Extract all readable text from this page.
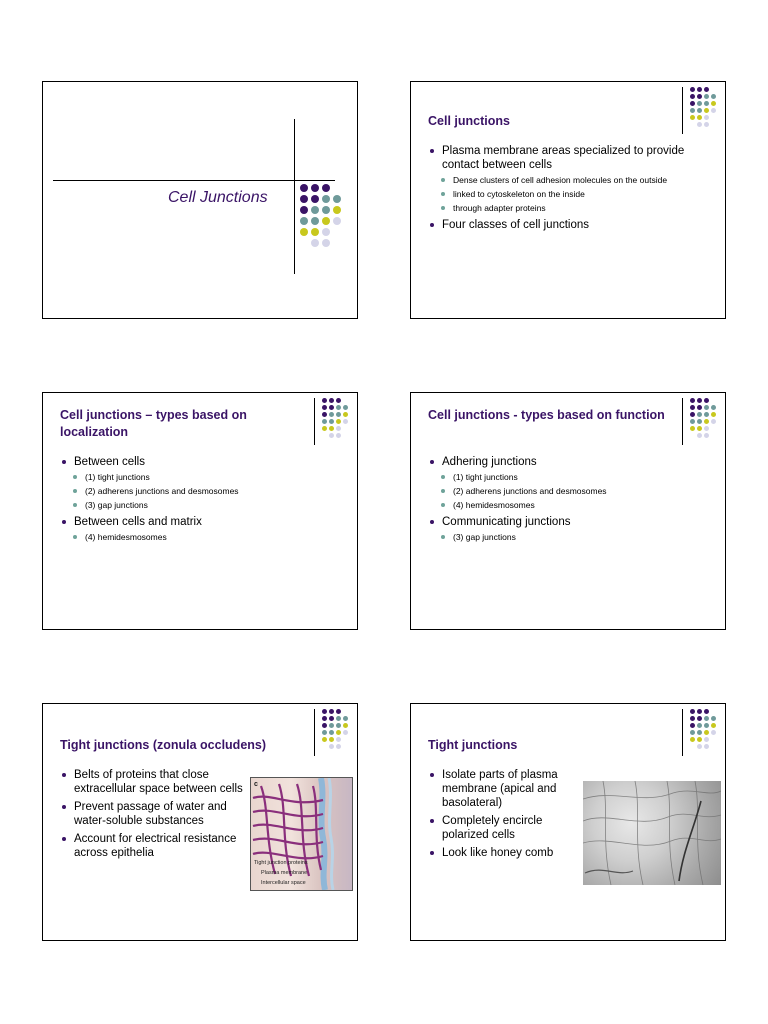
Cell Junctions
Cell junctions
Plasma membrane areas specialized to provide contact between cells
Dense clusters of cell adhesion molecules on the outside
linked to cytoskeleton on the inside
through adapter proteins
Four classes of cell junctions
Cell junctions – types based on localization
Between cells
(1) tight junctions
(2) adherens junctions and desmosomes
(3) gap junctions
Between cells and matrix
(4) hemidesmosomes
Cell junctions - types based on function
Adhering junctions
(1) tight junctions
(2) adherens junctions and desmosomes
(4) hemidesmosomes
Communicating junctions
(3) gap junctions
Tight junctions (zonula occludens)
Belts of proteins that close extracellular space between cells
Prevent passage of water and water-soluble substances
Account for electrical resistance across epithelia
c
Tight junction proteins
Plasma membrane
Intercellular space
Tight junctions
Isolate parts of plasma membrane (apical and basolateral)
Completely encircle polarized cells
Look like honey comb
